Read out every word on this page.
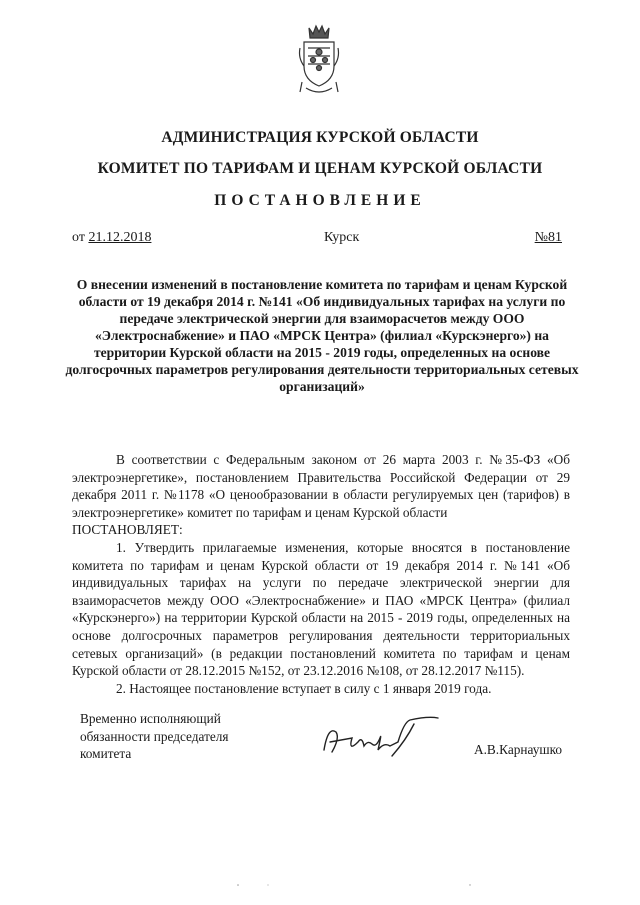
АДМИНИСТРАЦИЯ КУРСКОЙ ОБЛАСТИ
КОМИТЕТ ПО ТАРИФАМ И ЦЕНАМ КУРСКОЙ ОБЛАСТИ
ПОСТАНОВЛЕНИЕ
от 21.12.2018	Курск	№81
О внесении изменений в постановление комитета по тарифам и ценам Курской области от 19 декабря 2014 г. №141 «Об индивидуальных тарифах на услуги по передаче электрической энергии для взаиморасчетов между ООО «Электроснабжение» и ПАО «МРСК Центра» (филиал «Курскэнерго») на территории Курской области на 2015 - 2019 годы, определенных на основе долгосрочных параметров регулирования деятельности территориальных сетевых организаций»

В соответствии с Федеральным законом от 26 марта 2003 г. №35-ФЗ «Об электроэнергетике», постановлением Правительства Российской Федерации от 29 декабря 2011 г. №1178 «О ценообразовании в области регулируемых цен (тарифов) в электроэнергетике» комитет по тарифам и ценам Курской области

ПОСТАНОВЛЯЕТ:

1. Утвердить прилагаемые изменения, которые вносятся в постановление комитета по тарифам и ценам Курской области от 19 декабря 2014 г. №141 «Об индивидуальных тарифах на услуги по передаче электрической энергии для взаиморасчетов между ООО «Электроснабжение» и ПАО «МРСК Центра» (филиал «Курскэнерго») на территории Курской области на 2015 - 2019 годы, определенных на основе долгосрочных параметров регулирования деятельности территориальных сетевых организаций» (в редакции постановлений комитета по тарифам и ценам Курской области от 28.12.2015 №152, от 23.12.2016 №108, от 28.12.2017 №115).

2. Настоящее постановление вступает в силу с 1 января 2019 года.

Временно исполняющий
обязанности председателя
комитета	А.В.Карнаушко
